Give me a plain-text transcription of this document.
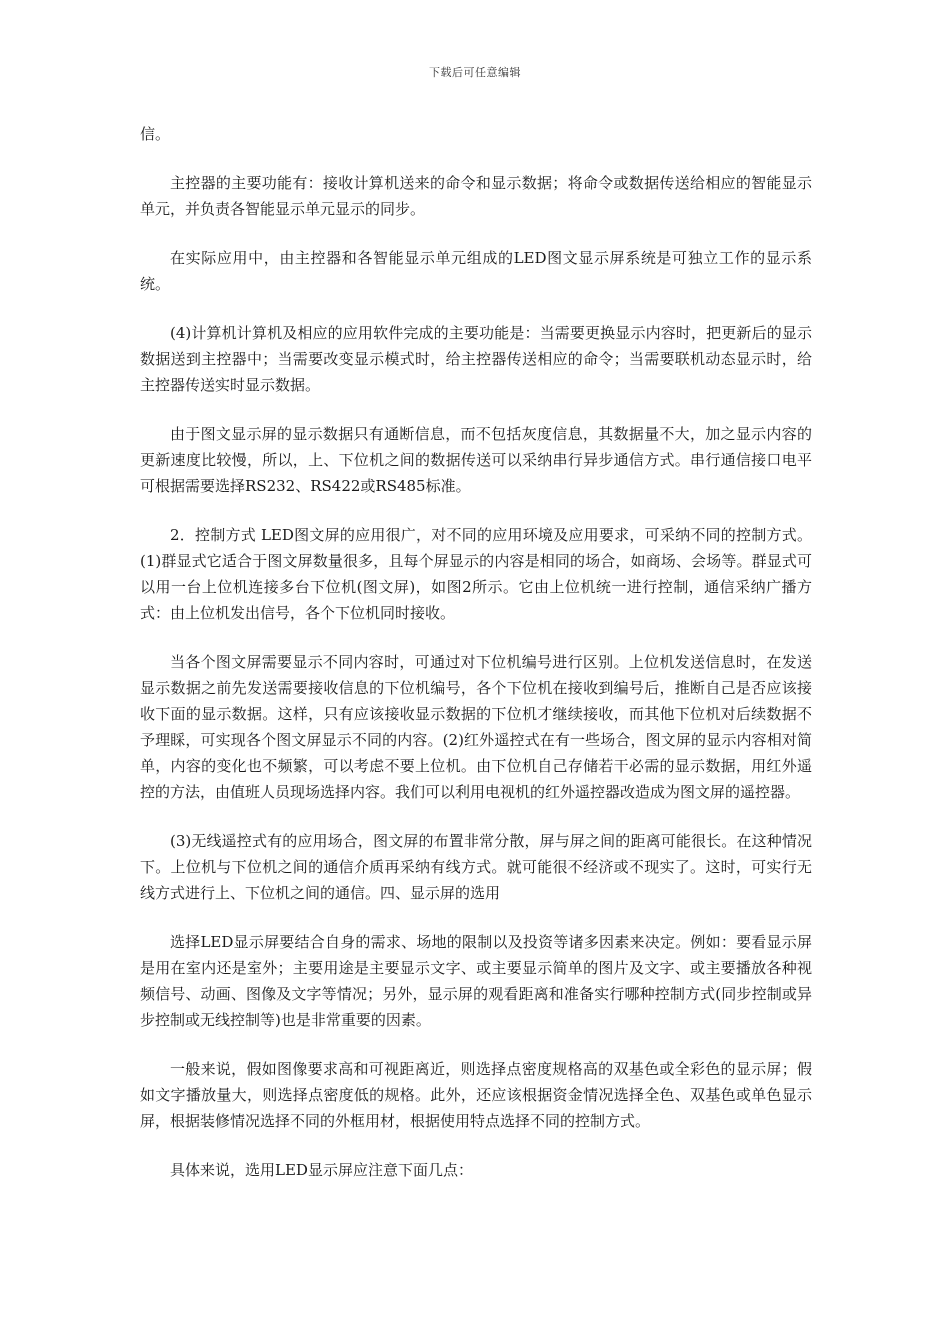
下载后可任意编辑

信。

主控器的主要功能有：接收计算机送来的命令和显示数据；将命令或数据传送给相应的智能显示单元，并负责各智能显示单元显示的同步。

在实际应用中，由主控器和各智能显示单元组成的LED图文显示屏系统是可独立工作的显示系统。

(4)计算机计算机及相应的应用软件完成的主要功能是：当需要更换显示内容时，把更新后的显示数据送到主控器中；当需要改变显示模式时，给主控器传送相应的命令；当需要联机动态显示时，给主控器传送实时显示数据。

由于图文显示屏的显示数据只有通断信息，而不包括灰度信息，其数据量不大，加之显示内容的更新速度比较慢，所以，上、下位机之间的数据传送可以采纳串行异步通信方式。串行通信接口电平可根据需要选择RS232、RS422或RS485标准。

2．控制方式 LED图文屏的应用很广，对不同的应用环境及应用要求，可采纳不同的控制方式。(1)群显式它适合于图文屏数量很多，且每个屏显示的内容是相同的场合，如商场、会场等。群显式可以用一台上位机连接多台下位机(图文屏)，如图2所示。它由上位机统一进行控制，通信采纳广播方式：由上位机发出信号，各个下位机同时接收。

当各个图文屏需要显示不同内容时，可通过对下位机编号进行区别。上位机发送信息时，在发送显示数据之前先发送需要接收信息的下位机编号，各个下位机在接收到编号后，推断自己是否应该接收下面的显示数据。这样，只有应该接收显示数据的下位机才继续接收，而其他下位机对后续数据不予理睬，可实现各个图文屏显示不同的内容。(2)红外遥控式在有一些场合，图文屏的显示内容相对简单，内容的变化也不频繁，可以考虑不要上位机。由下位机自己存储若干必需的显示数据，用红外遥控的方法，由值班人员现场选择内容。我们可以利用电视机的红外遥控器改造成为图文屏的遥控器。

(3)无线遥控式有的应用场合，图文屏的布置非常分散，屏与屏之间的距离可能很长。在这种情况下。上位机与下位机之间的通信介质再采纳有线方式。就可能很不经济或不现实了。这时，可实行无线方式进行上、下位机之间的通信。四、显示屏的选用

选择LED显示屏要结合自身的需求、场地的限制以及投资等诸多因素来决定。例如：要看显示屏是用在室内还是室外；主要用途是主要显示文字、或主要显示简单的图片及文字、或主要播放各种视频信号、动画、图像及文字等情况；另外，显示屏的观看距离和准备实行哪种控制方式(同步控制或异步控制或无线控制等)也是非常重要的因素。

一般来说，假如图像要求高和可视距离近，则选择点密度规格高的双基色或全彩色的显示屏；假如文字播放量大，则选择点密度低的规格。此外，还应该根据资金情况选择全色、双基色或单色显示屏，根据装修情况选择不同的外框用材，根据使用特点选择不同的控制方式。

具体来说，选用LED显示屏应注意下面几点：
